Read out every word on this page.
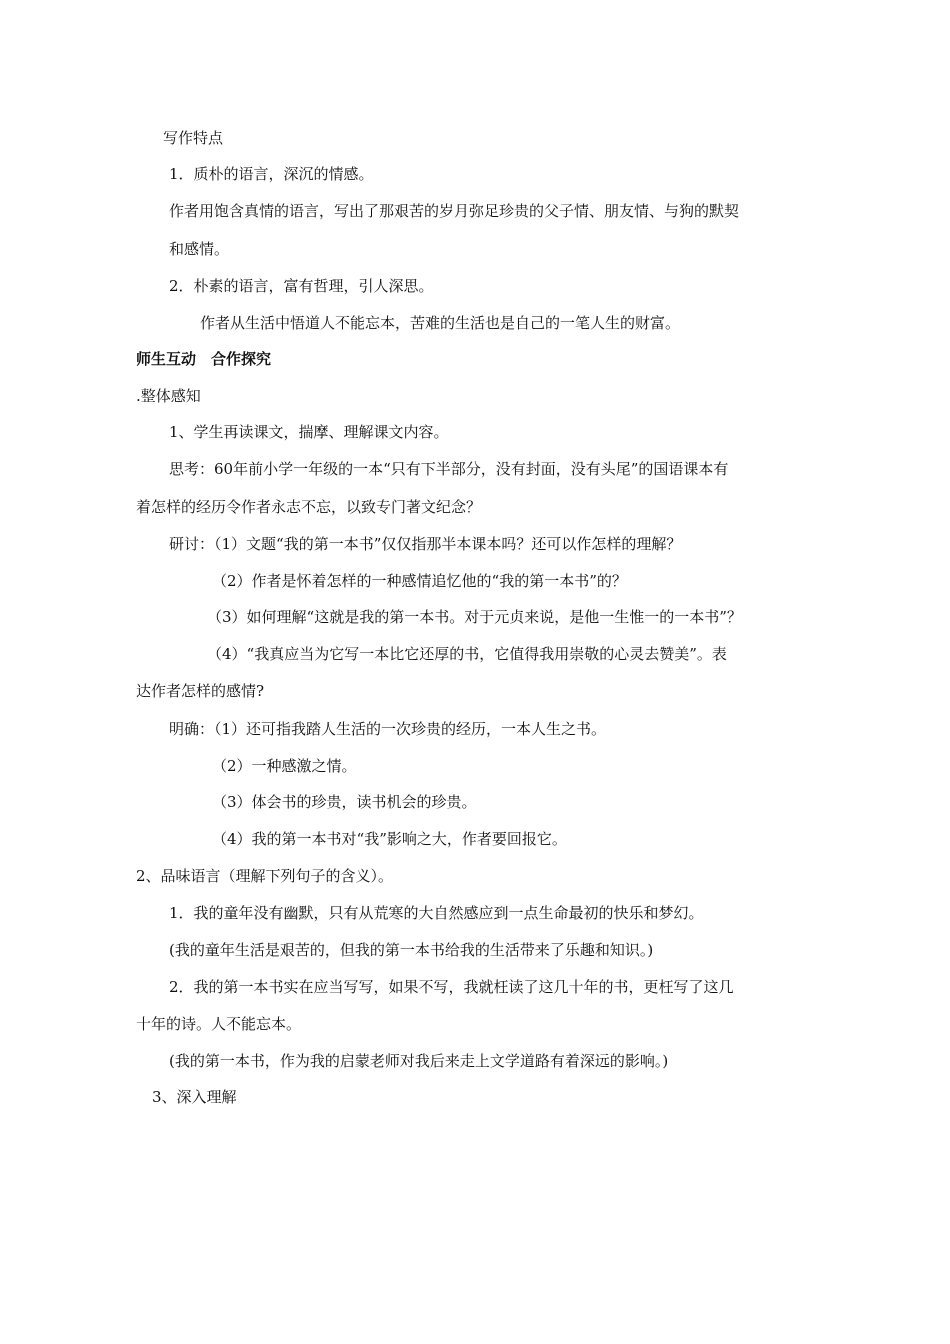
写作特点

1．质朴的语言，深沉的情感。

作者用饱含真情的语言，写出了那艰苦的岁月弥足珍贵的父子情、朋友情、与狗的默契

和感情。

2．朴素的语言，富有哲理，引人深思。

作者从生活中悟道人不能忘本，苦难的生活也是自己的一笔人生的财富。

师生互动　合作探究

.整体感知

1、学生再读课文，揣摩、理解课文内容。

思考：60年前小学一年级的一本“只有下半部分，没有封面，没有头尾”的国语课本有

着怎样的经历令作者永志不忘，以致专门著文纪念？

研讨：（1）文题“我的第一本书”仅仅指那半本课本吗？还可以作怎样的理解？

（2）作者是怀着怎样的一种感情追忆他的“我的第一本书”的？

（3）如何理解“这就是我的第一本书。对于元贞来说，是他一生惟一的一本书”？

（4）“我真应当为它写一本比它还厚的书，它值得我用崇敬的心灵去赞美”。表

达作者怎样的感情?

明确：（1）还可指我踏人生活的一次珍贵的经历，一本人生之书。

（2）一种感激之情。

（3）体会书的珍贵，读书机会的珍贵。

（4）我的第一本书对“我”影响之大，作者要回报它。

2、品味语言（理解下列句子的含义）。

1．我的童年没有幽默，只有从荒寒的大自然感应到一点生命最初的快乐和梦幻。

(我的童年生活是艰苦的，但我的第一本书给我的生活带来了乐趣和知识。)

2．我的第一本书实在应当写写，如果不写，我就枉读了这几十年的书，更枉写了这几

十年的诗。人不能忘本。

(我的第一本书，作为我的启蒙老师对我后来走上文学道路有着深远的影响。)

3、深入理解
